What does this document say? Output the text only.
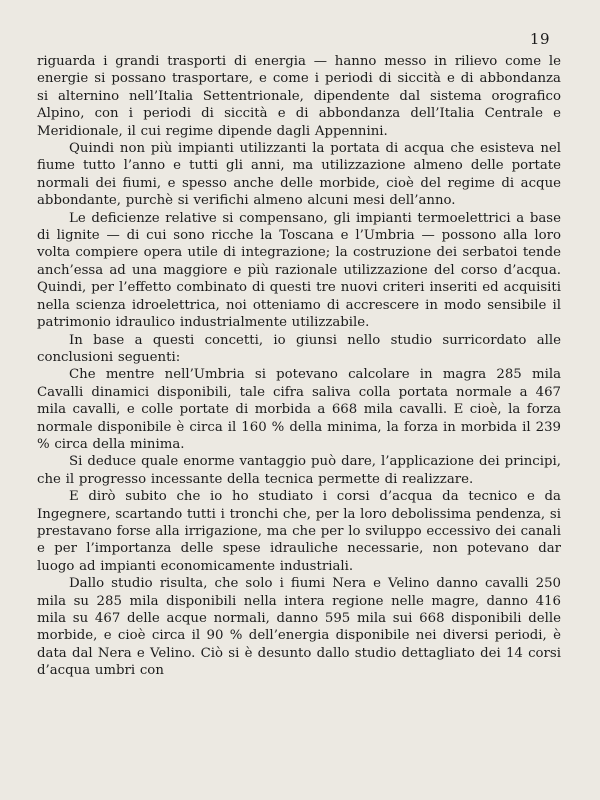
19

riguarda i grandi trasporti di energia — hanno messo in rilievo come le energie si possano trasportare, e come i periodi di siccità e di abbondanza si alternino nell’Italia Settentrionale, dipendente dal sistema orografico Alpino, con i periodi di siccità e di abbondanza dell’Italia Centrale e Meridionale, il cui regime dipende dagli Appennini.

Quindi non più impianti utilizzanti la portata di acqua che esisteva nel fiume tutto l’anno e tutti gli anni, ma utilizzazione almeno delle portate normali dei fiumi, e spesso anche delle morbide, cioè del regime di acque abbondante, purchè si verifichi almeno alcuni mesi dell’anno.

Le deficienze relative si compensano, gli impianti termoelettrici a base di lignite — di cui sono ricche la Toscana e l’Umbria — possono alla loro volta compiere opera utile di integrazione; la costruzione dei serbatoi tende anch’essa ad una maggiore e più razionale utilizzazione del corso d’acqua. Quindi, per l’effetto combinato di questi tre nuovi criteri inseriti ed acquisiti nella scienza idroelettrica, noi otteniamo di accrescere in modo sensibile il patrimonio idraulico industrialmente utilizzabile.

In base a questi concetti, io giunsi nello studio surricordato alle conclusioni seguenti:

Che mentre nell’Umbria si potevano calcolare in magra 285 mila Cavalli dinamici disponibili, tale cifra saliva colla portata normale a 467 mila cavalli, e colle portate di morbida a 668 mila cavalli. E cioè, la forza normale disponibile è circa il 160 % della minima, la forza in morbida il 239 % circa della minima.

Si deduce quale enorme vantaggio può dare, l’applicazione dei principi, che il progresso incessante della tecnica permette di realizzare.

E dirò subito che io ho studiato i corsi d’acqua da tecnico e da Ingegnere, scartando tutti i tronchi che, per la loro debolissima pendenza, si prestavano forse alla irrigazione, ma che per lo sviluppo eccessivo dei canali e per l’importanza delle spese idrauliche necessarie, non potevano dar luogo ad impianti economicamente industriali.

Dallo studio risulta, che solo i fiumi Nera e Velino danno cavalli 250 mila su 285 mila disponibili nella intera regione nelle magre, danno 416 mila su 467 delle acque normali, danno 595 mila sui 668 disponibili delle morbide, e cioè circa il 90 % dell’energia disponibile nei diversi periodi, è data dal Nera e Velino. Ciò si è desunto dallo studio dettagliato dei 14 corsi d’acqua umbri con
